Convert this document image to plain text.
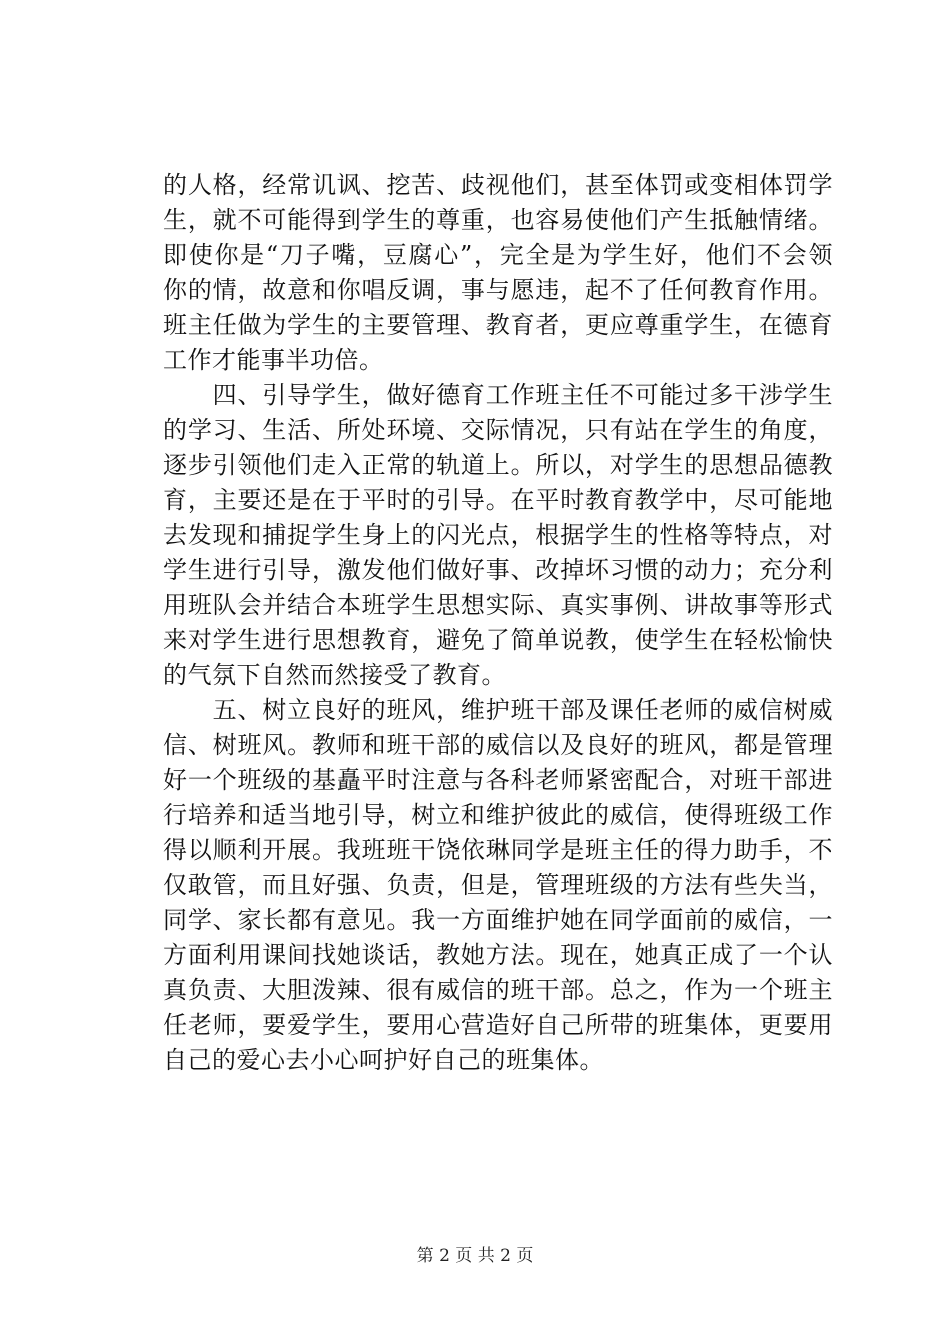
的人格，经常讥讽、挖苦、歧视他们，甚至体罚或变相体罚学
生，就不可能得到学生的尊重，也容易使他们产生抵触情绪。
即使你是“刀子嘴，豆腐心”，完全是为学生好，他们不会领
你的情，故意和你唱反调，事与愿违，起不了任何教育作用。
班主任做为学生的主要管理、教育者，更应尊重学生，在德育
工作才能事半功倍。
　　四、引导学生，做好德育工作班主任不可能过多干涉学生
的学习、生活、所处环境、交际情况，只有站在学生的角度，
逐步引领他们走入正常的轨道上。所以，对学生的思想品德教
育，主要还是在于平时的引导。在平时教育教学中，尽可能地
去发现和捕捉学生身上的闪光点，根据学生的性格等特点，对
学生进行引导，激发他们做好事、改掉坏习惯的动力；充分利
用班队会并结合本班学生思想实际、真实事例、讲故事等形式
来对学生进行思想教育，避免了简单说教，使学生在轻松愉快
的气氛下自然而然接受了教育。
　　五、树立良好的班风，维护班干部及课任老师的威信树威
信、树班风。教师和班干部的威信以及良好的班风，都是管理
好一个班级的基矗平时注意与各科老师紧密配合，对班干部进
行培养和适当地引导，树立和维护彼此的威信，使得班级工作
得以顺利开展。我班班干饶依琳同学是班主任的得力助手，不
仅敢管，而且好强、负责，但是，管理班级的方法有些失当，
同学、家长都有意见。我一方面维护她在同学面前的威信，一
方面利用课间找她谈话，教她方法。现在，她真正成了一个认
真负责、大胆泼辣、很有威信的班干部。总之，作为一个班主
任老师，要爱学生，要用心营造好自己所带的班集体，更要用
自己的爱心去小心呵护好自己的班集体。
第 2 页 共 2 页
